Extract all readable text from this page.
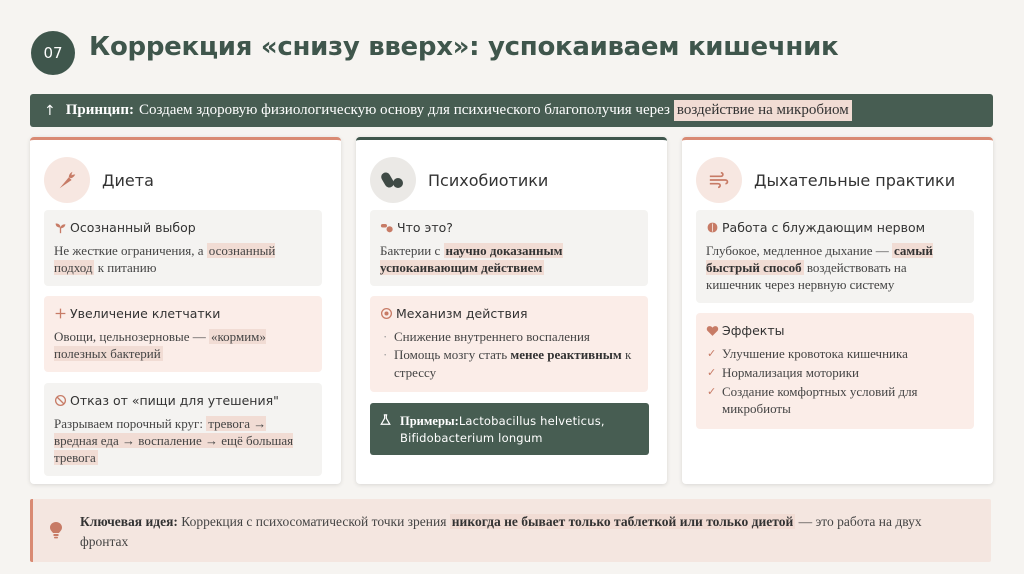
07	Коррекция «снизу вверх»: успокаиваем кишечник
↑ Принцип: Создаем здоровую физиологическую основу для психического благополучия через воздействие на микробиом
Диета
Осознанный выбор
Не жесткие ограничения, а осознанный подход к питанию
Увеличение клетчатки
Овощи, цельнозерновые — «кормим» полезных бактерий
Отказ от «пищи для утешения"
Разрываем порочный круг: тревога → вредная еда → воспаление → ещё большая тревога
Психобиотики
Что это?
Бактерии с научно доказанным успокаивающим действием
Механизм действия
· Снижение внутреннего воспаления
· Помощь мозгу стать менее реактивным к стрессу
Примеры:Lactobacillus helveticus, Bifidobacterium longum
Дыхательные практики
Работа с блуждающим нервом
Глубокое, медленное дыхание — самый быстрый способ воздействовать на кишечник через нервную систему
Эффекты
✓ Улучшение кровотока кишечника
✓ Нормализация моторики
✓ Создание комфортных условий для микробиоты
Ключевая идея: Коррекция с психосоматической точки зрения никогда не бывает только таблеткой или только диетой — это работа на двух фронтах
